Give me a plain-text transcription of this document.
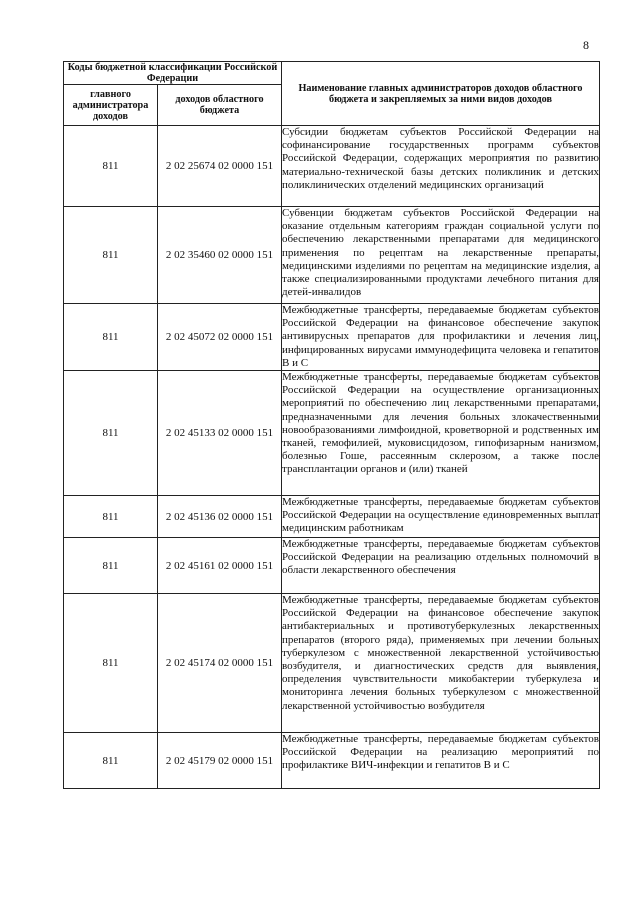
8
Коды бюджетной классификации Российской Федерации		Наименование главных администраторов доходов областного бюджета и закрепляемых за ними видов доходов
главного администратора доходов	доходов областного бюджета	
811	2 02 25674 02 0000 151	Субсидии бюджетам субъектов Российской Федерации на софинансирование государственных программ субъектов Российской Федерации, содержащих мероприятия по развитию материально-технической базы детских поликлиник и детских поликлинических отделений медицинских организаций
811	2 02 35460 02 0000 151	Субвенции бюджетам субъектов Российской Федерации на оказание отдельным категориям граждан социальной услуги по обеспечению лекарственными препаратами для медицинского применения по рецептам на лекарственные препараты, медицинскими изделиями по рецептам на медицинские изделия, а также специализированными продуктами лечебного питания для детей-инвалидов
811	2 02 45072 02 0000 151	Межбюджетные трансферты, передаваемые бюджетам субъектов Российской Федерации на финансовое обеспечение закупок антивирусных препаратов для профилактики и лечения лиц, инфицированных вирусами иммунодефицита человека и гепатитов В и С
811	2 02 45133 02 0000 151	Межбюджетные трансферты, передаваемые бюджетам субъектов Российской Федерации на осуществление организационных мероприятий по обеспечению лиц лекарственными препаратами, предназначенными для лечения больных злокачественными новообразованиями лимфоидной, кроветворной и родственных им тканей, гемофилией, муковисцидозом, гипофизарным нанизмом, болезнью Гоше, рассеянным склерозом, а также после трансплантации органов и (или) тканей
811	2 02 45136 02 0000 151	Межбюджетные трансферты, передаваемые бюджетам субъектов Российской Федерации на осуществление единовременных выплат медицинским работникам
811	2 02 45161 02 0000 151	Межбюджетные трансферты, передаваемые бюджетам субъектов Российской Федерации на реализацию отдельных полномочий в области лекарственного обеспечения
811	2 02 45174 02 0000 151	Межбюджетные трансферты, передаваемые бюджетам субъектов Российской Федерации на финансовое обеспечение закупок антибактериальных и противотуберкулезных лекарственных препаратов (второго ряда), применяемых при лечении больных туберкулезом с множественной лекарственной устойчивостью возбудителя, и диагностических средств для выявления, определения чувствительности микобактерии туберкулеза и мониторинга лечения больных туберкулезом с множественной лекарственной устойчивостью возбудителя
811	2 02 45179 02 0000 151	Межбюджетные трансферты, передаваемые бюджетам субъектов Российской Федерации на реализацию мероприятий по профилактике ВИЧ-инфекции и гепатитов В и С
